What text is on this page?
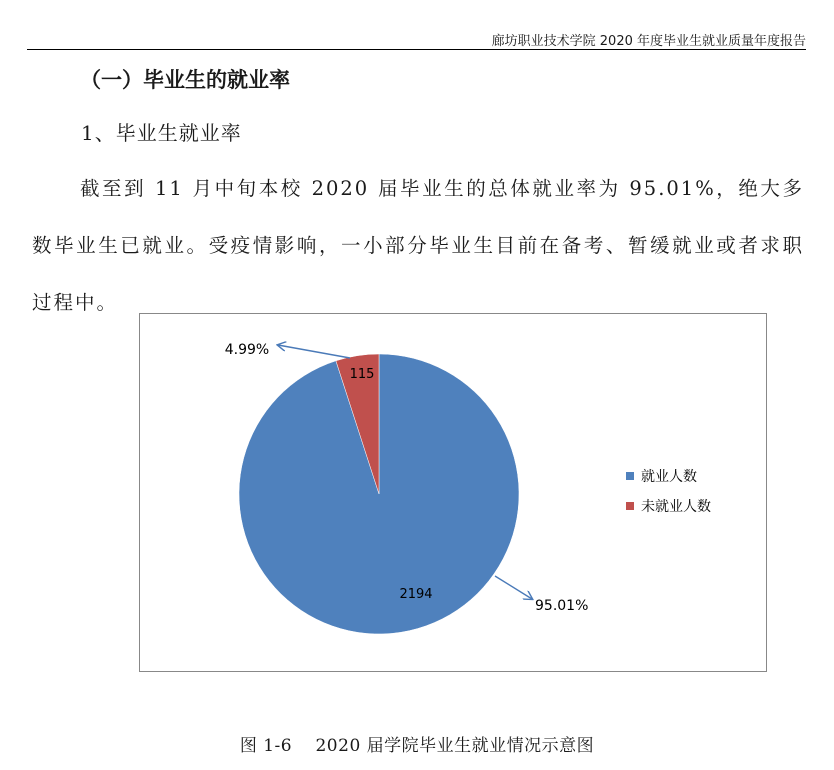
廊坊职业技术学院 2020 年度毕业生就业质量年度报告
（一）毕业生的就业率
1、毕业生就业率
截至到 11 月中旬本校 2020 届毕业生的总体就业率为 95.01%，绝大多数毕业生已就业。受疫情影响，一小部分毕业生目前在备考、暂缓就业或者求职过程中。
2194
115
95.01%
4.99%
就业人数
未就业人数
图 1-6　 2020 届学院毕业生就业情况示意图
